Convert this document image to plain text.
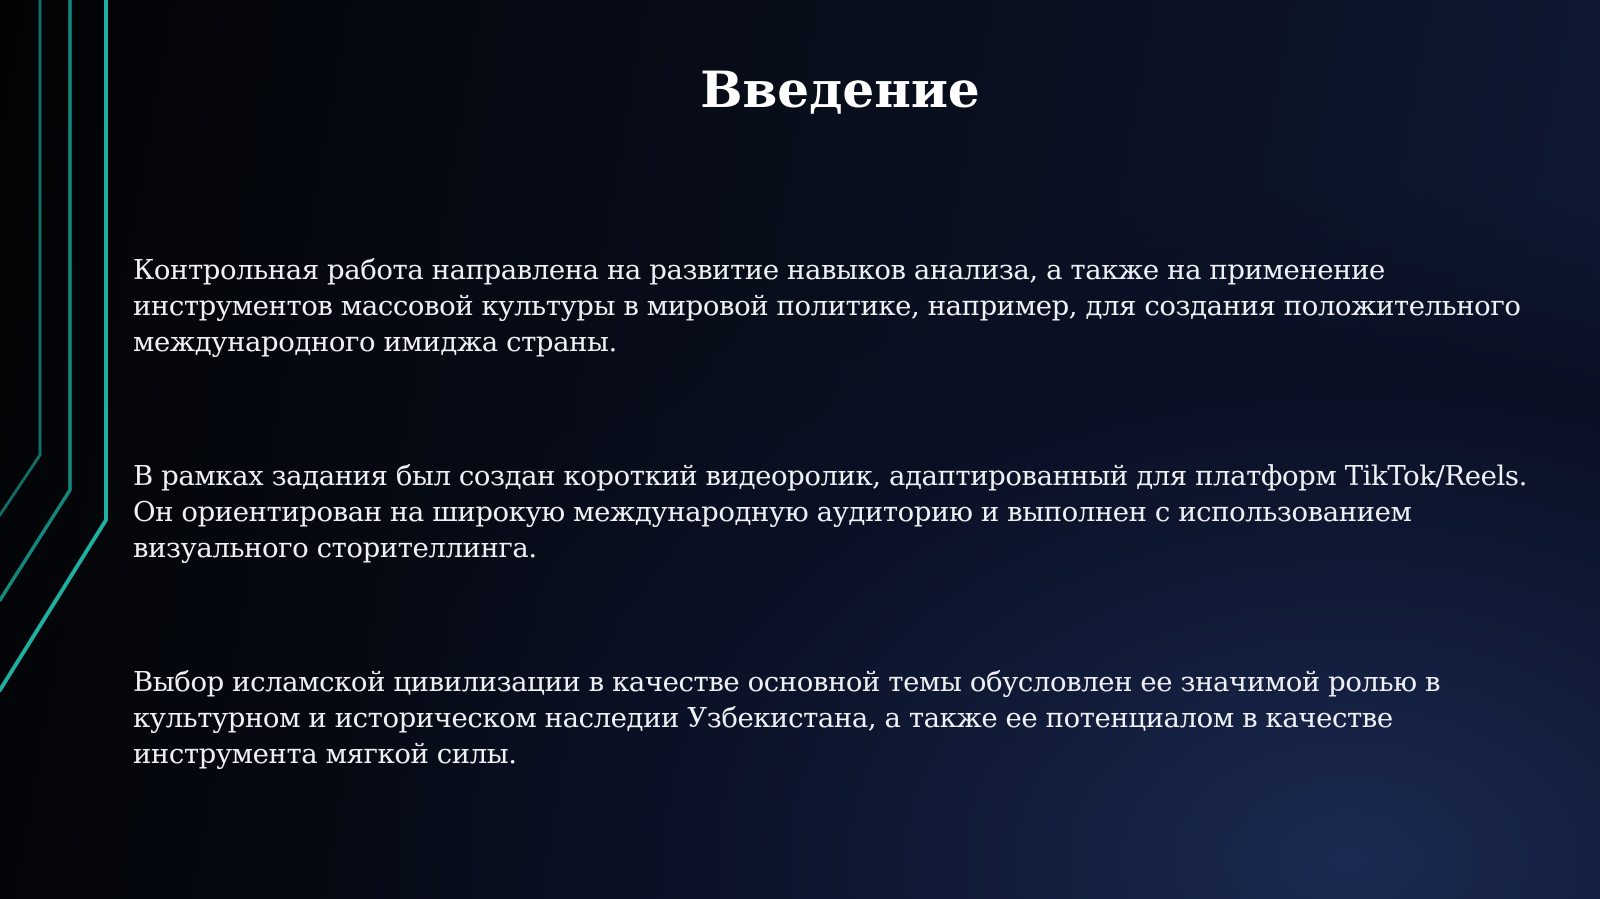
Введение

Контрольная работа направлена на развитие навыков анализа, а также на применение инструментов массовой культуры в мировой политике, например, для создания положительного международного имиджа страны.

В рамках задания был создан короткий видеоролик, адаптированный для платформ TikTok/Reels. Он ориентирован на широкую международную аудиторию и выполнен с использованием визуального сторителлинга.

Выбор исламской цивилизации в качестве основной темы обусловлен ее значимой ролью в культурном и историческом наследии Узбекистана, а также ее потенциалом в качестве инструмента мягкой силы.
